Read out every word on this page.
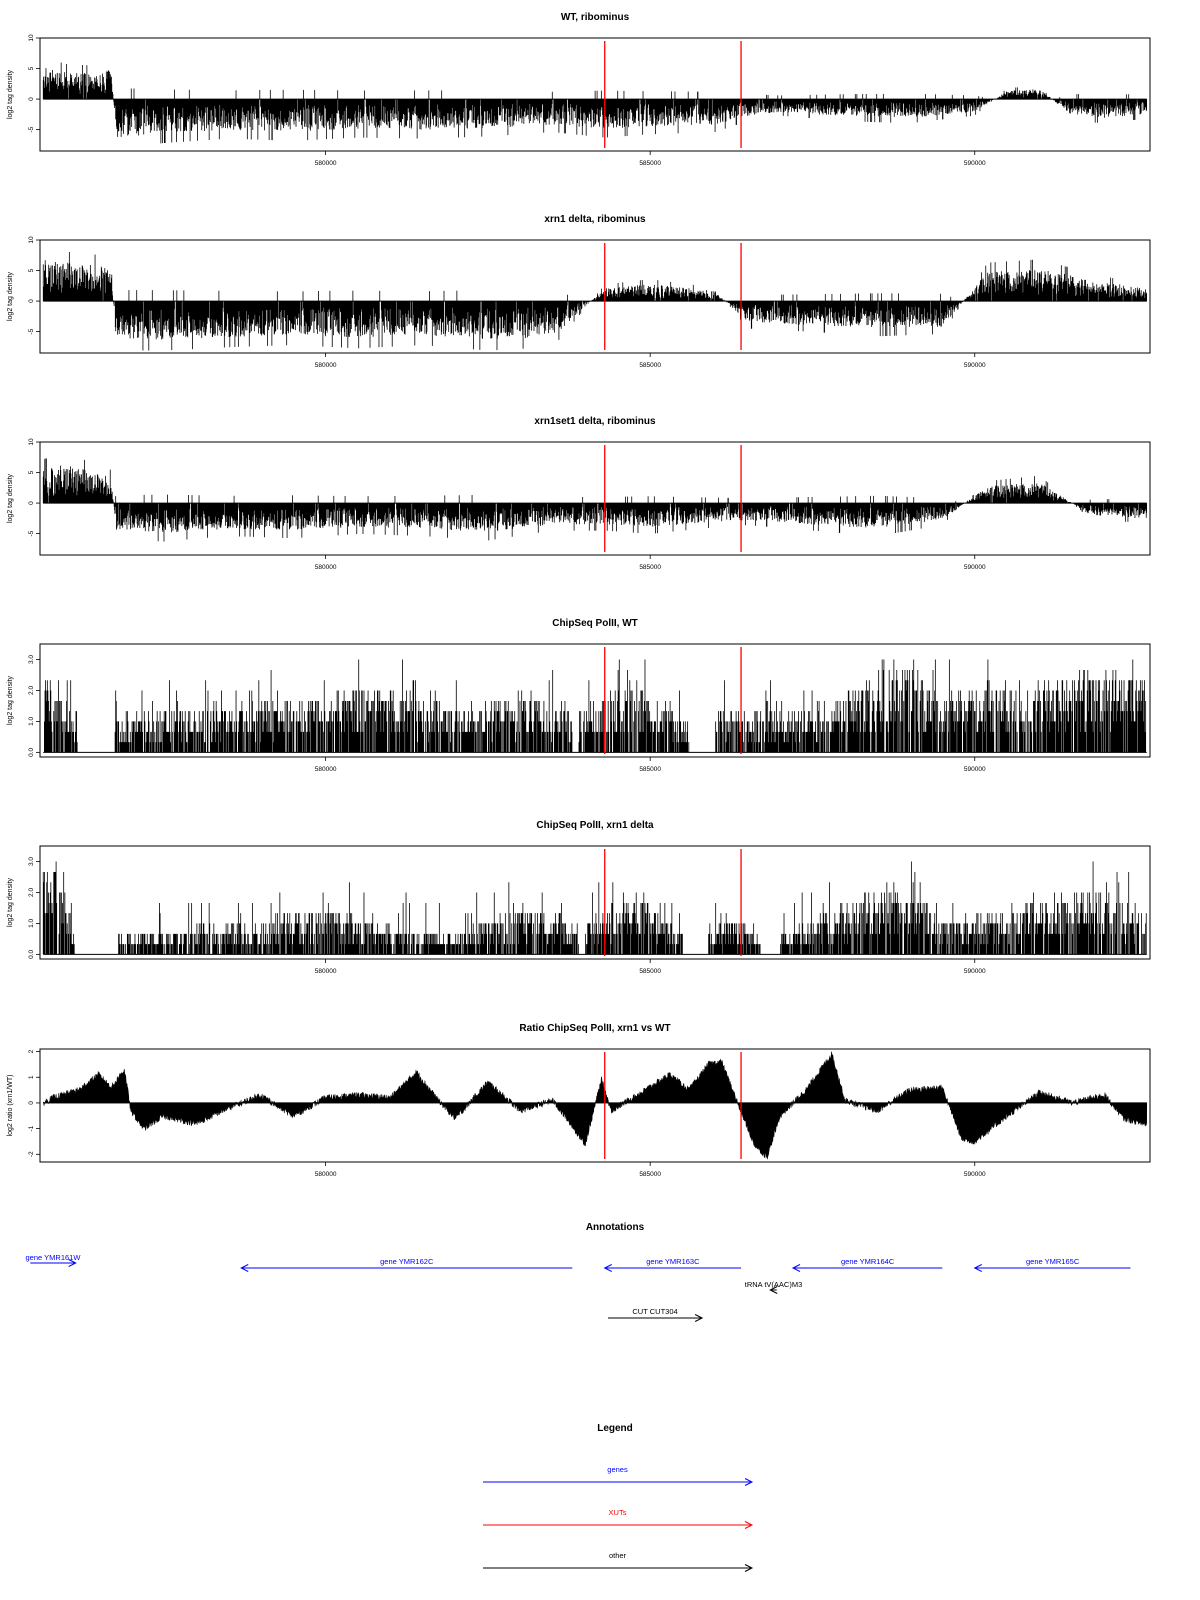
WT, ribominus
log2 tag density
-5
0
5
10
580000	585000	590000
xrn1 delta, ribominus
log2 tag density
-5
0
5
10
580000	585000	590000
xrn1set1 delta, ribominus
log2 tag density
-5
0
5
10
580000	585000	590000
ChipSeq PolII, WT
log2 tag density
0.0
1.0
2.0
3.0
580000	585000	590000
ChipSeq PolII, xrn1 delta
log2 tag density
0.0
1.0
2.0
3.0
580000	585000	590000
Ratio ChipSeq PolII, xrn1 vs WT
log2 ratio (xrn1/WT)
-2
-1
0
1
2
580000	585000	590000
Annotations
gene YMR161W	gene YMR162C	gene YMR163C	gene YMR164C	gene YMR165C
tRNA tV(AAC)M3
CUT CUT304
Legend
genes
XUTs
other
